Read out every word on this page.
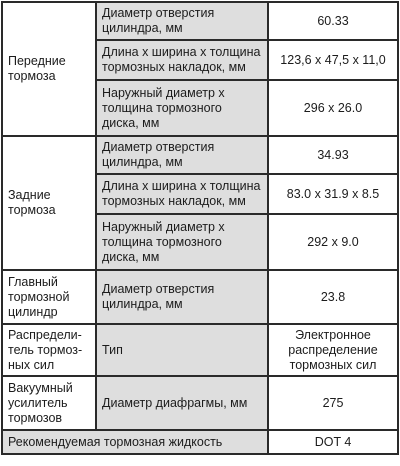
Передние тормоза	Диаметр отверстия цилиндра, мм	60.33
	Длина х ширина х толщина тормозных накладок, мм	123,6 х 47,5 х 11,0
	Наружный диаметр х толщина тормозного диска, мм	296 х 26.0
Задние тормоза	Диаметр отверстия цилиндра, мм	34.93
	Длина х ширина х толщина тормозных накладок, мм	83.0 х 31.9 х 8.5
	Наружный диаметр х толщина тормозного диска, мм	292 х 9.0
Главный тормозной цилиндр	Диаметр отверстия цилиндра, мм	23.8
Распредели-тель тормоз-ных сил	Тип	Электронное распределение тормозных сил
Вакуумный усилитель тормозов	Диаметр диафрагмы, мм	275
Рекомендуемая тормозная жидкость		DOT 4
